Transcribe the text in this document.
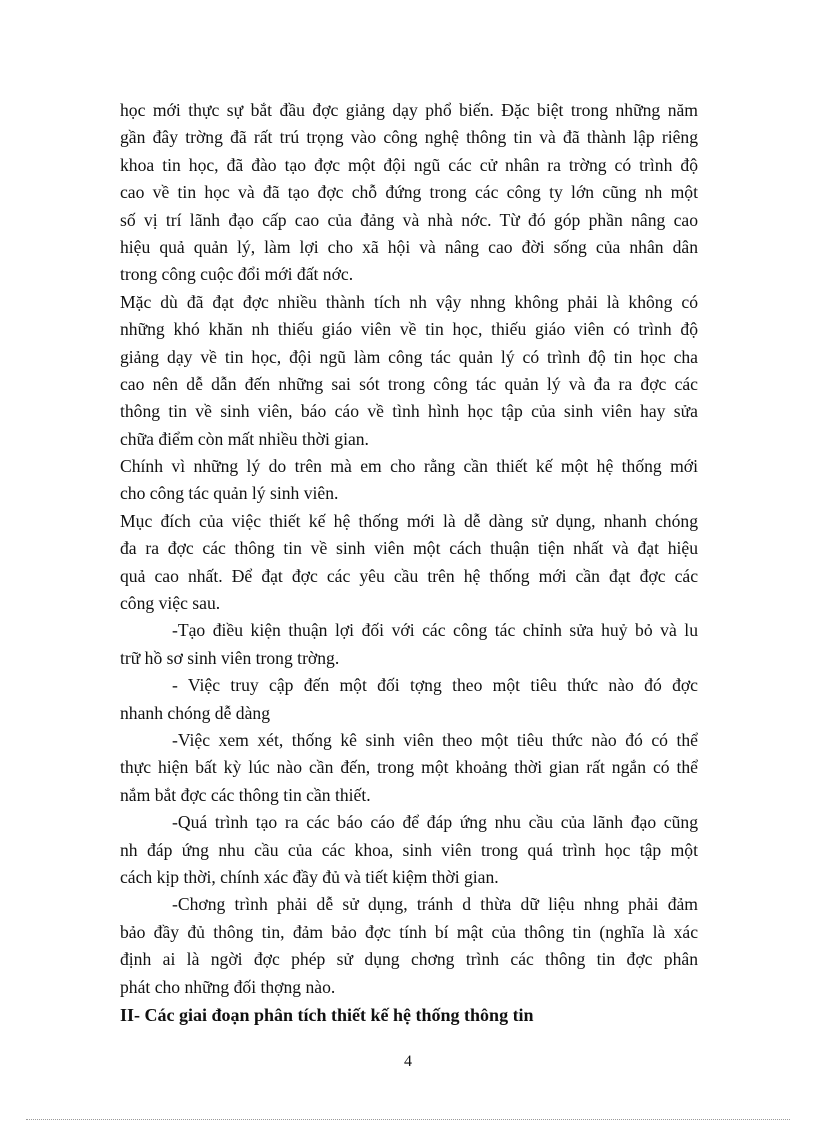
học mới thực sự bắt đầu đợc giảng dạy phổ biến. Đặc biệt trong những năm
gần đây trờng đã rất trú trọng vào công nghệ thông tin và đã thành lập riêng
khoa tin học, đã đào tạo đợc một đội ngũ các cử nhân ra trờng có trình độ
cao về tin học và đã tạo đợc chỗ đứng trong các công ty lớn cũng nh một
số vị trí lãnh đạo cấp cao của đảng và nhà nớc. Từ đó góp phần nâng cao
hiệu quả quản lý, làm lợi cho xã hội và nâng cao đời sống của nhân dân
trong công cuộc đổi mới đất nớc.
Mặc dù đã đạt đợc nhiều thành tích nh vậy nhng không phải là không có
những khó khăn nh thiếu giáo viên về tin học, thiếu giáo viên có trình độ
giảng dạy về tin học, đội ngũ làm công tác quản lý có trình độ tin học cha
cao nên dễ dẫn đến những sai sót trong công tác quản lý và đa ra đợc các
thông tin về sinh viên, báo cáo về tình hình học tập của sinh viên hay sửa
chữa điểm còn mất nhiều thời gian.
Chính vì những lý do trên mà em cho rằng cần thiết kế một hệ thống mới
cho công tác quản lý sinh viên.
Mục đích của việc thiết kế hệ thống mới là dễ dàng sử dụng, nhanh chóng
đa ra đợc các thông tin về sinh viên một cách thuận tiện nhất và đạt hiệu
quả cao nhất. Để đạt đợc các yêu cầu trên hệ thống mới cần đạt đợc các
công việc sau.
-Tạo điều kiện thuận lợi đối với các công tác chỉnh sửa huỷ bỏ và lu
trữ hồ sơ sinh viên trong trờng.
- Việc truy cập đến một đối tợng theo một tiêu thức nào đó đợc
nhanh chóng dễ dàng
-Việc xem xét, thống kê sinh viên theo một tiêu thức nào đó có thể
thực hiện bất kỳ lúc nào cần đến, trong một khoảng thời gian rất ngắn có thể
nắm bắt đợc các thông tin cần thiết.
-Quá trình tạo ra các báo cáo để đáp ứng nhu cầu của lãnh đạo cũng
nh đáp ứng nhu cầu của các khoa, sinh viên trong quá trình học tập một
cách kịp thời, chính xác đầy đủ và tiết kiệm thời gian.
-Chơng trình phải dễ sử dụng, tránh d thừa dữ liệu nhng phải đảm
bảo đầy đủ thông tin, đảm bảo đợc tính bí mật của thông tin (nghĩa là xác
định ai là ngời đợc phép sử dụng chơng trình các thông tin đợc phân
phát cho những đối thợng nào.
II- Các giai đoạn phân tích thiết kế hệ thống thông tin
4
